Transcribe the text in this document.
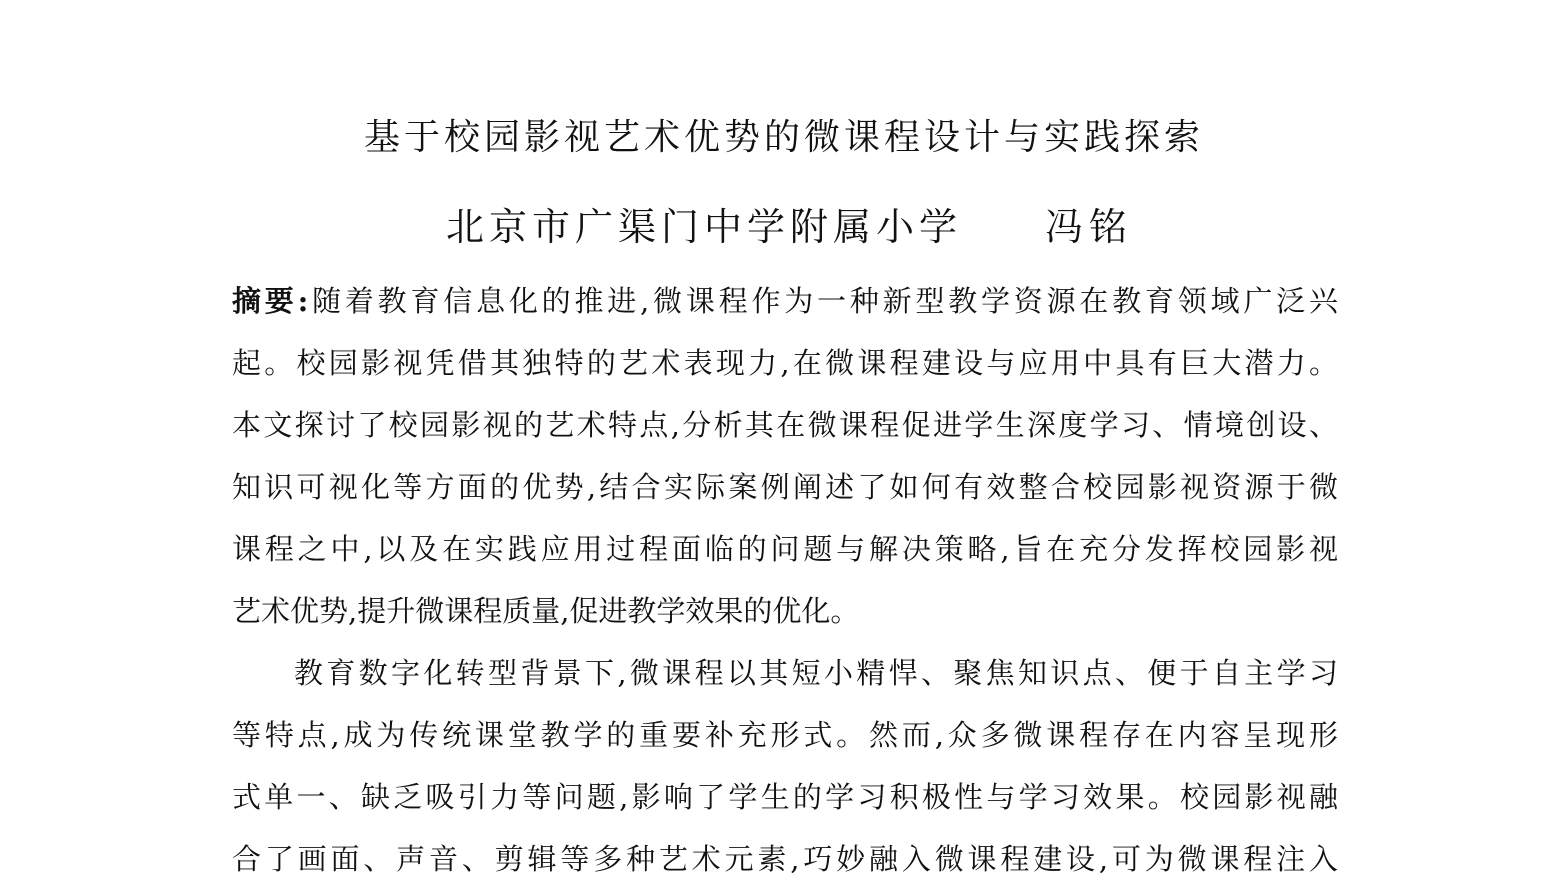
基于校园影视艺术优势的微课程设计与实践探索
北京市广渠门中学附属小学 冯铭
摘要:随着教育信息化的推进,微课程作为一种新型教学资源在教育领域广泛兴
起。校园影视凭借其独特的艺术表现力,在微课程建设与应用中具有巨大潜力。
本文探讨了校园影视的艺术特点,分析其在微课程促进学生深度学习、情境创设、
知识可视化等方面的优势,结合实际案例阐述了如何有效整合校园影视资源于微
课程之中,以及在实践应用过程面临的问题与解决策略,旨在充分发挥校园影视
艺术优势,提升微课程质量,促进教学效果的优化。
教育数字化转型背景下,微课程以其短小精悍、聚焦知识点、便于自主学习
等特点,成为传统课堂教学的重要补充形式。然而,众多微课程存在内容呈现形
式单一、缺乏吸引力等问题,影响了学生的学习积极性与学习效果。校园影视融
合了画面、声音、剪辑等多种艺术元素,巧妙融入微课程建设,可为微课程注入
